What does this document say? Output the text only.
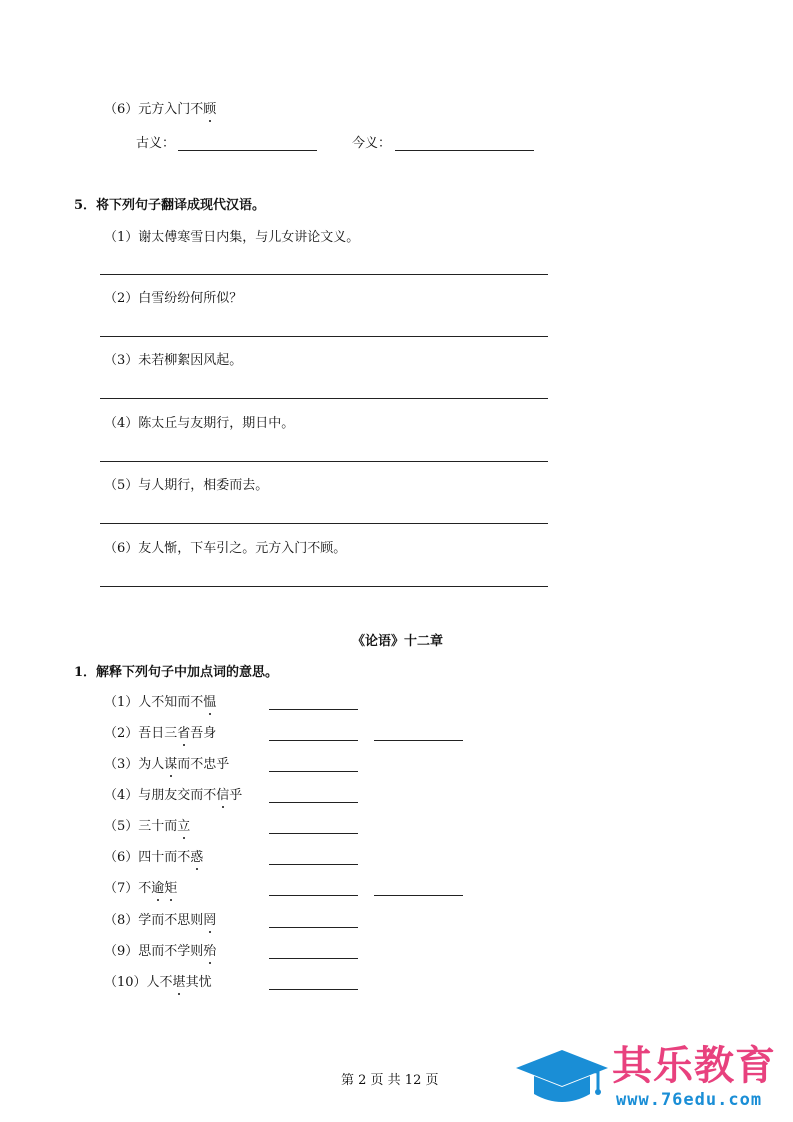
（6）元方入门不顾
古义：	今义：
5．将下列句子翻译成现代汉语。
（1）谢太傅寒雪日内集，与儿女讲论文义。
（2）白雪纷纷何所似？
（3）未若柳絮因风起。
（4）陈太丘与友期行，期日中。
（5）与人期行，相委而去。
（6）友人惭，下车引之。元方入门不顾。
《论语》十二章
1．解释下列句子中加点词的意思。
（1）人不知而不愠
（2）吾日三省吾身
（3）为人谋而不忠乎
（4）与朋友交而不信乎
（5）三十而立
（6）四十而不惑
（7）不逾矩
（8）学而不思则罔
（9）思而不学则殆
（10）人不堪其忧
第 2 页 共 12 页	其乐教育
www.76edu.com
